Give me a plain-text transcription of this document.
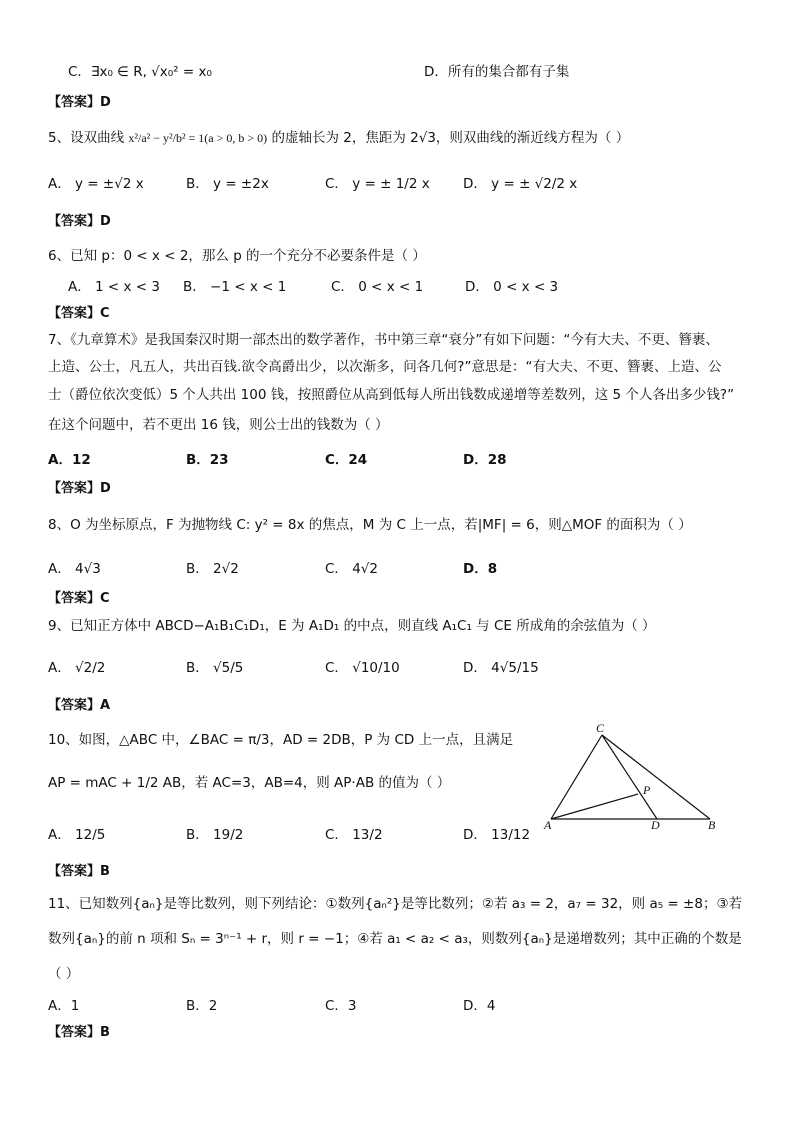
C．∃x₀ ∈ R, √x₀² = x₀	D．所有的集合都有子集
【答案】D
5、设双曲线 x²/a² − y²/b² = 1(a > 0, b > 0) 的虚轴长为 2，焦距为 2√3，则双曲线的渐近线方程为（ ）
A． y = ±√2 x	B． y = ±2x	C． y = ± 1/2 x D． y = ± √2/2 x
【答案】D
6、已知 p：0 < x < 2，那么 p 的一个充分不必要条件是（ ）
A． 1 < x < 3 B． −1 < x < 1	C． 0 < x < 1	D． 0 < x < 3
【答案】C
7、《九章算术》是我国秦汉时期一部杰出的数学著作，书中第三章“衰分”有如下问题：“今有大夫、不更、簪裹、
上造、公士，凡五人，共出百钱.欲令高爵出少，以次渐多，问各几何?”意思是：“有大夫、不更、簪裹、上造、公
士（爵位依次变低）5 个人共出 100 钱，按照爵位从高到低每人所出钱数成递增等差数列，这 5 个人各出多少钱?”
在这个问题中，若不更出 16 钱，则公士出的钱数为（ ）
A．12	B．23	C．24	D．28
【答案】D
8、O 为坐标原点，F 为抛物线 C: y² = 8x 的焦点，M 为 C 上一点，若|MF| = 6，则△MOF 的面积为（ ）
A． 4√3	B． 2√2	C． 4√2	D．8
【答案】C
9、已知正方体中 ABCD−A₁B₁C₁D₁，E 为 A₁D₁ 的中点，则直线 A₁C₁ 与 CE 所成角的余弦值为（ ）
A． √2/2	B． √5/5	C． √10/10	D． 4√5/15
【答案】A
10、如图，△ABC 中，∠BAC = π/3，AD = 2DB，P 为 CD 上一点，且满足
AP = mAC + 1/2 AB，若 AC=3，AB=4，则 AP·AB 的值为（ ）
A． 12/5	B． 19/2	C． 13/2	D． 13/12
【答案】B
C
P
A	D	B
11、已知数列{aₙ}是等比数列，则下列结论：①数列{aₙ²}是等比数列；②若 a₃ = 2，a₇ = 32，则 a₅ = ±8；③若
数列{aₙ}的前 n 项和 Sₙ = 3ⁿ⁻¹ + r，则 r = −1；④若 a₁ < a₂ < a₃，则数列{aₙ}是递增数列；其中正确的个数是
（ ）
A．1	B．2	C．3	D．4
【答案】B
